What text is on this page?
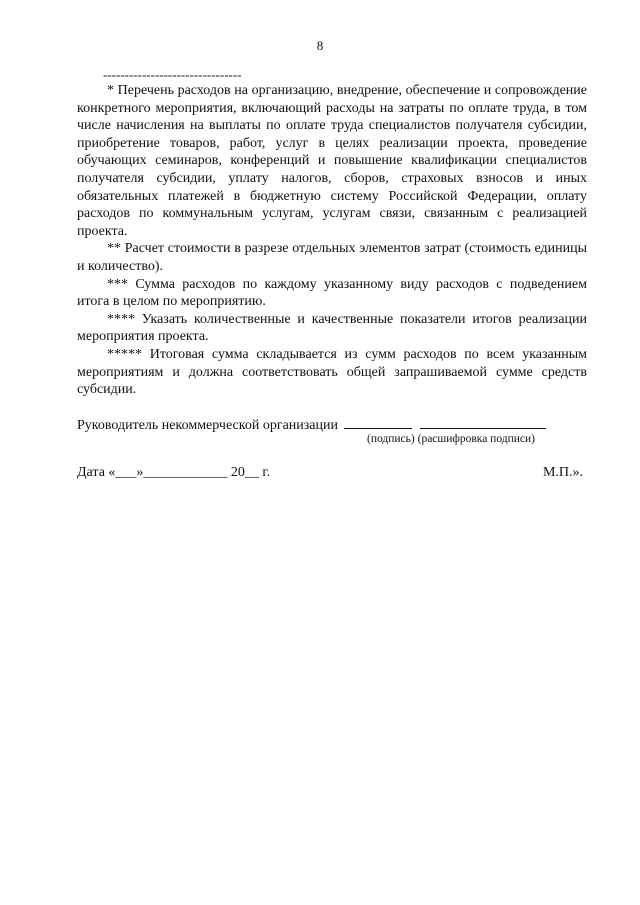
8
--------------------------------

* Перечень расходов на организацию, внедрение, обеспечение и сопровождение конкретного мероприятия, включающий расходы на затраты по оплате труда, в том числе начисления на выплаты по оплате труда специалистов получателя субсидии, приобретение товаров, работ, услуг в целях реализации проекта, проведение обучающих семинаров, конференций и повышение квалификации специалистов получателя субсидии, уплату налогов, сборов, страховых взносов и иных обязательных платежей в бюджетную систему Российской Федерации, оплату расходов по коммунальным услугам, услугам связи, связанным с реализацией проекта.

** Расчет стоимости в разрезе отдельных элементов затрат (стоимость единицы и количество).

*** Сумма расходов по каждому указанному виду расходов с подведением итога в целом по мероприятию.

**** Указать количественные и качественные показатели итогов реализации мероприятия проекта.

***** Итоговая сумма складывается из сумм расходов по всем указанным мероприятиям и должна соответствовать общей запрашиваемой сумме средств субсидии.

Руководитель некоммерческой организации
(подпись) (расшифровка подписи)
Дата «___»____________ 20__ г.	М.П.».
